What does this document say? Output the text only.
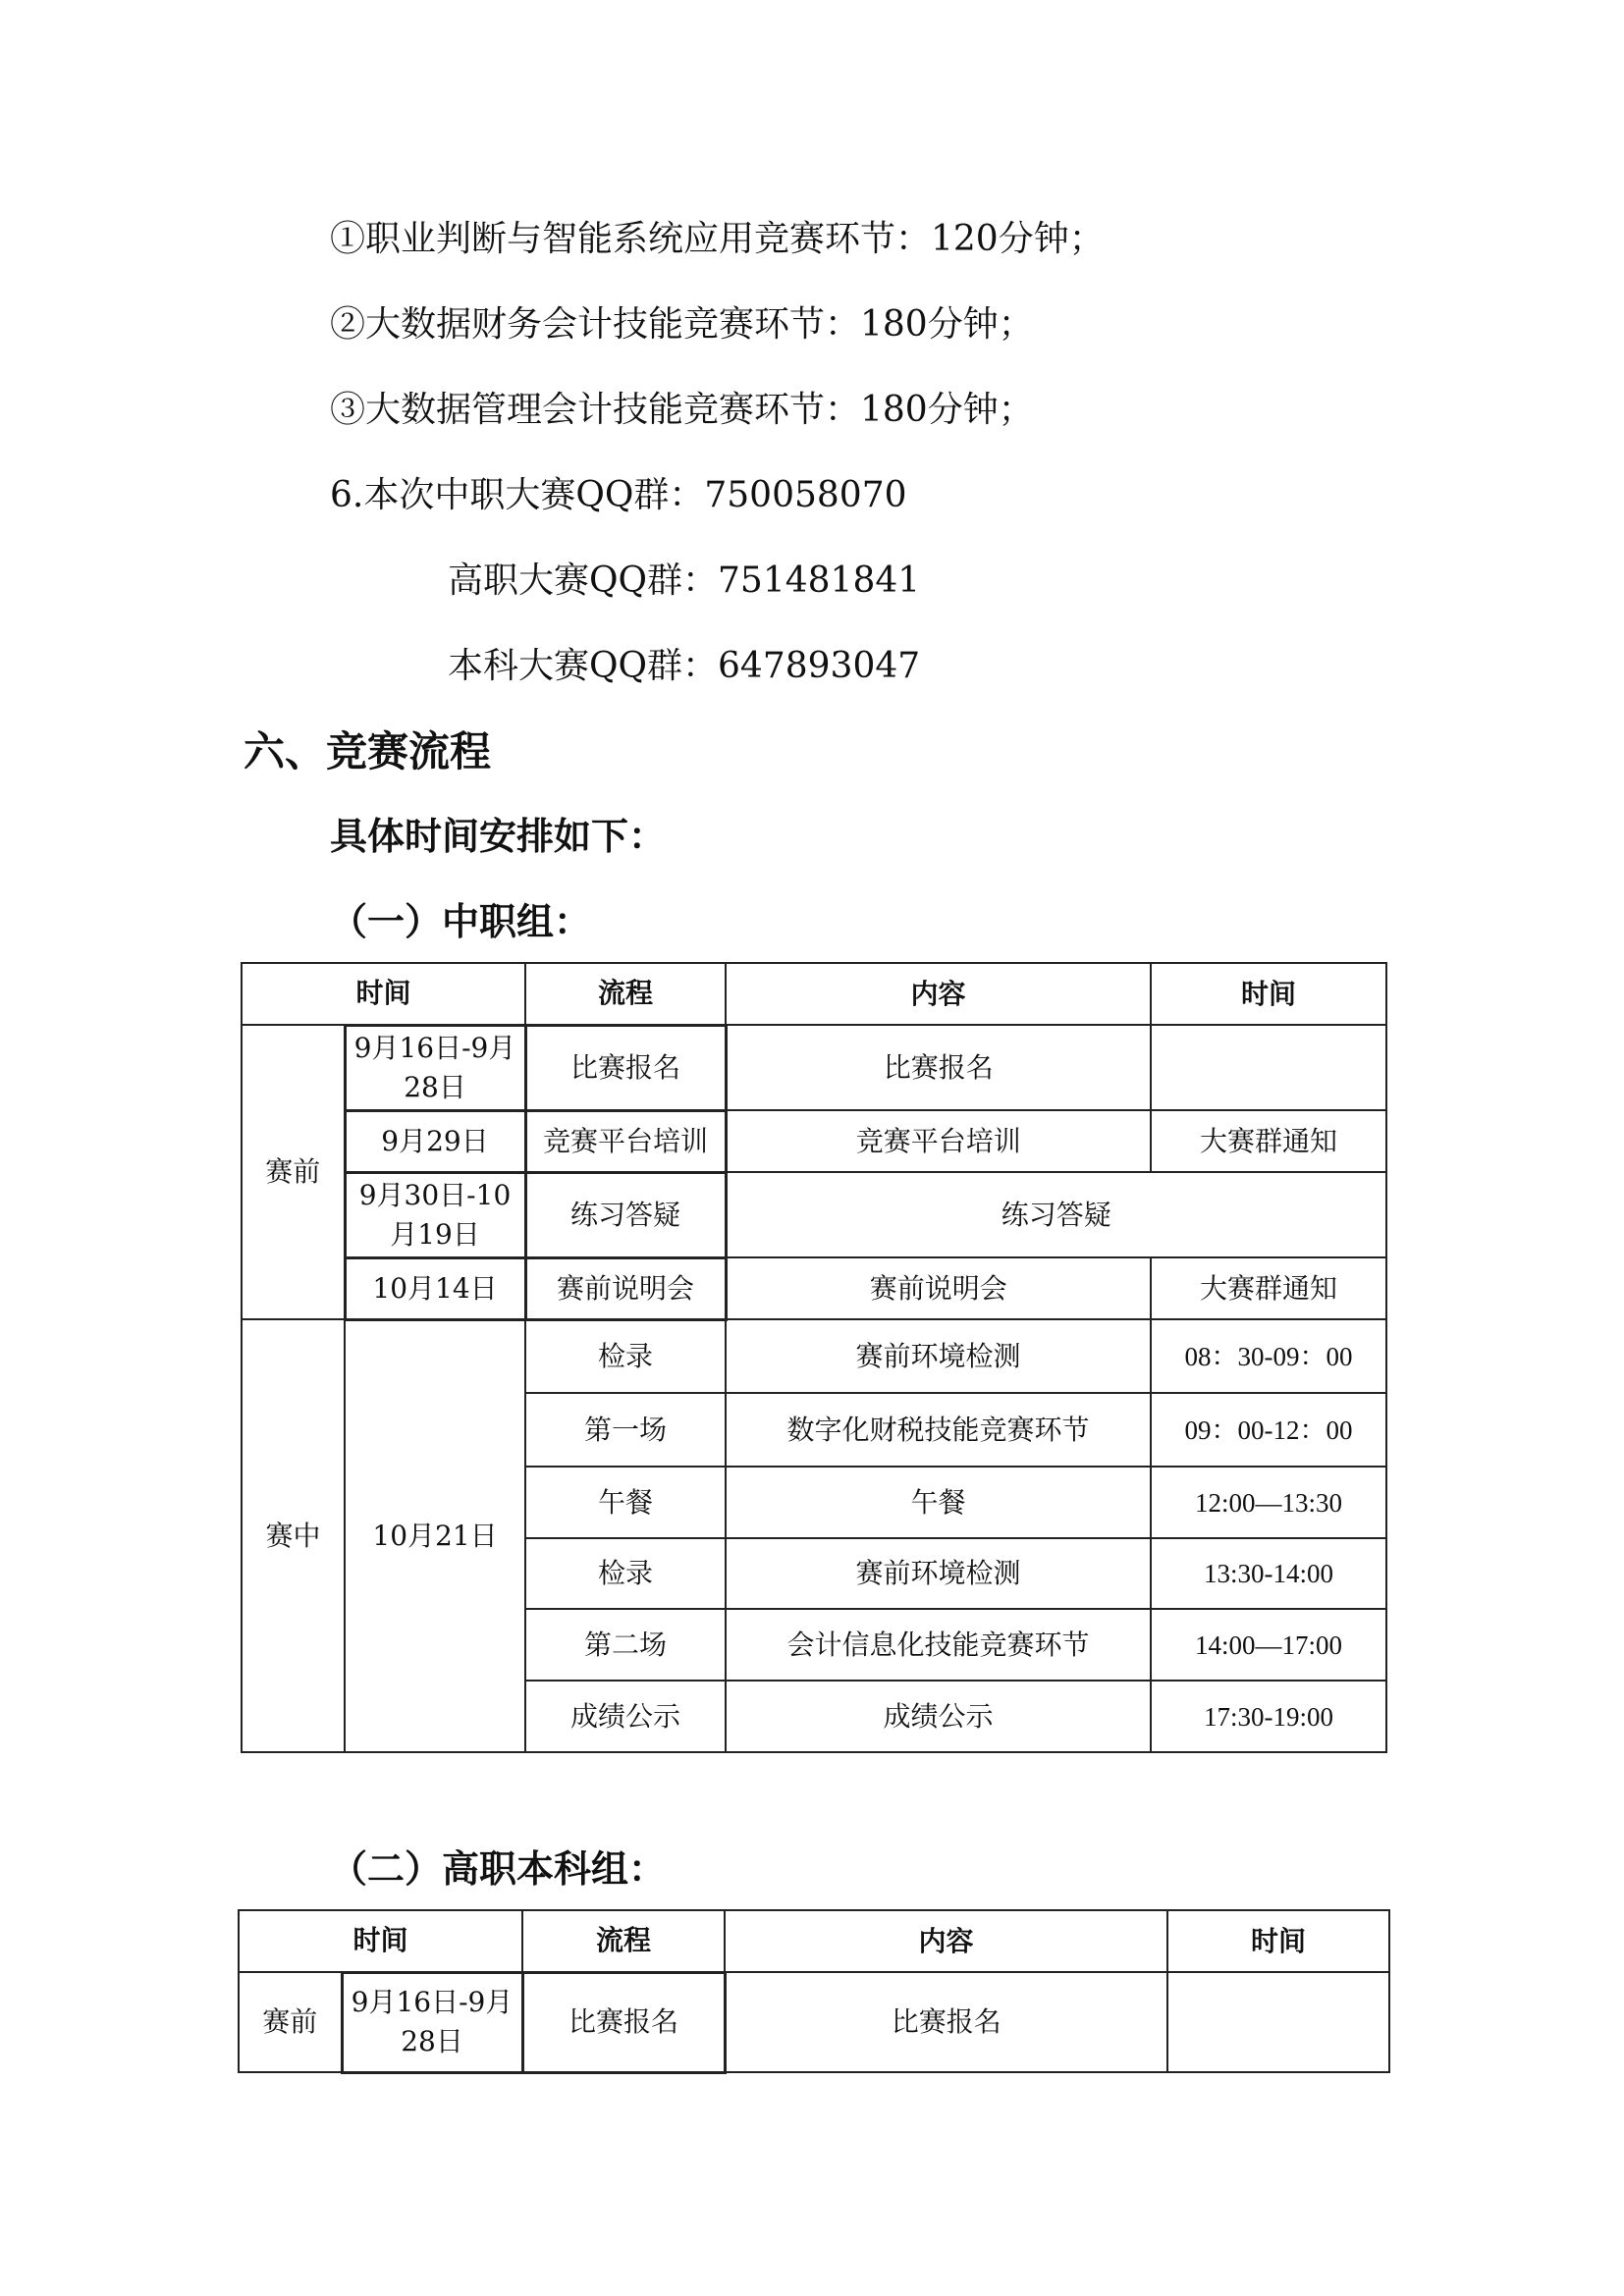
①职业判断与智能系统应用竞赛环节：120分钟；
②大数据财务会计技能竞赛环节：180分钟；
③大数据管理会计技能竞赛环节：180分钟；
6.本次中职大赛QQ群：750058070
高职大赛QQ群：751481841
本科大赛QQ群：647893047
六、竞赛流程
具体时间安排如下：
（一）中职组：
时间		流程	内容	时间
赛前	9月16日-9月28日	比赛报名	比赛报名	
	9月29日	竞赛平台培训	竞赛平台培训	大赛群通知
	9月30日-10月19日	练习答疑	练习答疑	
	10月14日	赛前说明会	赛前说明会	大赛群通知
赛中	10月21日	检录	赛前环境检测	08：30-09：00
		第一场	数字化财税技能竞赛环节	09：00-12：00
		午餐	午餐	12:00—13:30
		检录	赛前环境检测	13:30-14:00
		第二场	会计信息化技能竞赛环节	14:00—17:00
		成绩公示	成绩公示	17:30-19:00
（二）高职本科组：
时间		流程	内容	时间
赛前	9月16日-9月28日	比赛报名	比赛报名	
